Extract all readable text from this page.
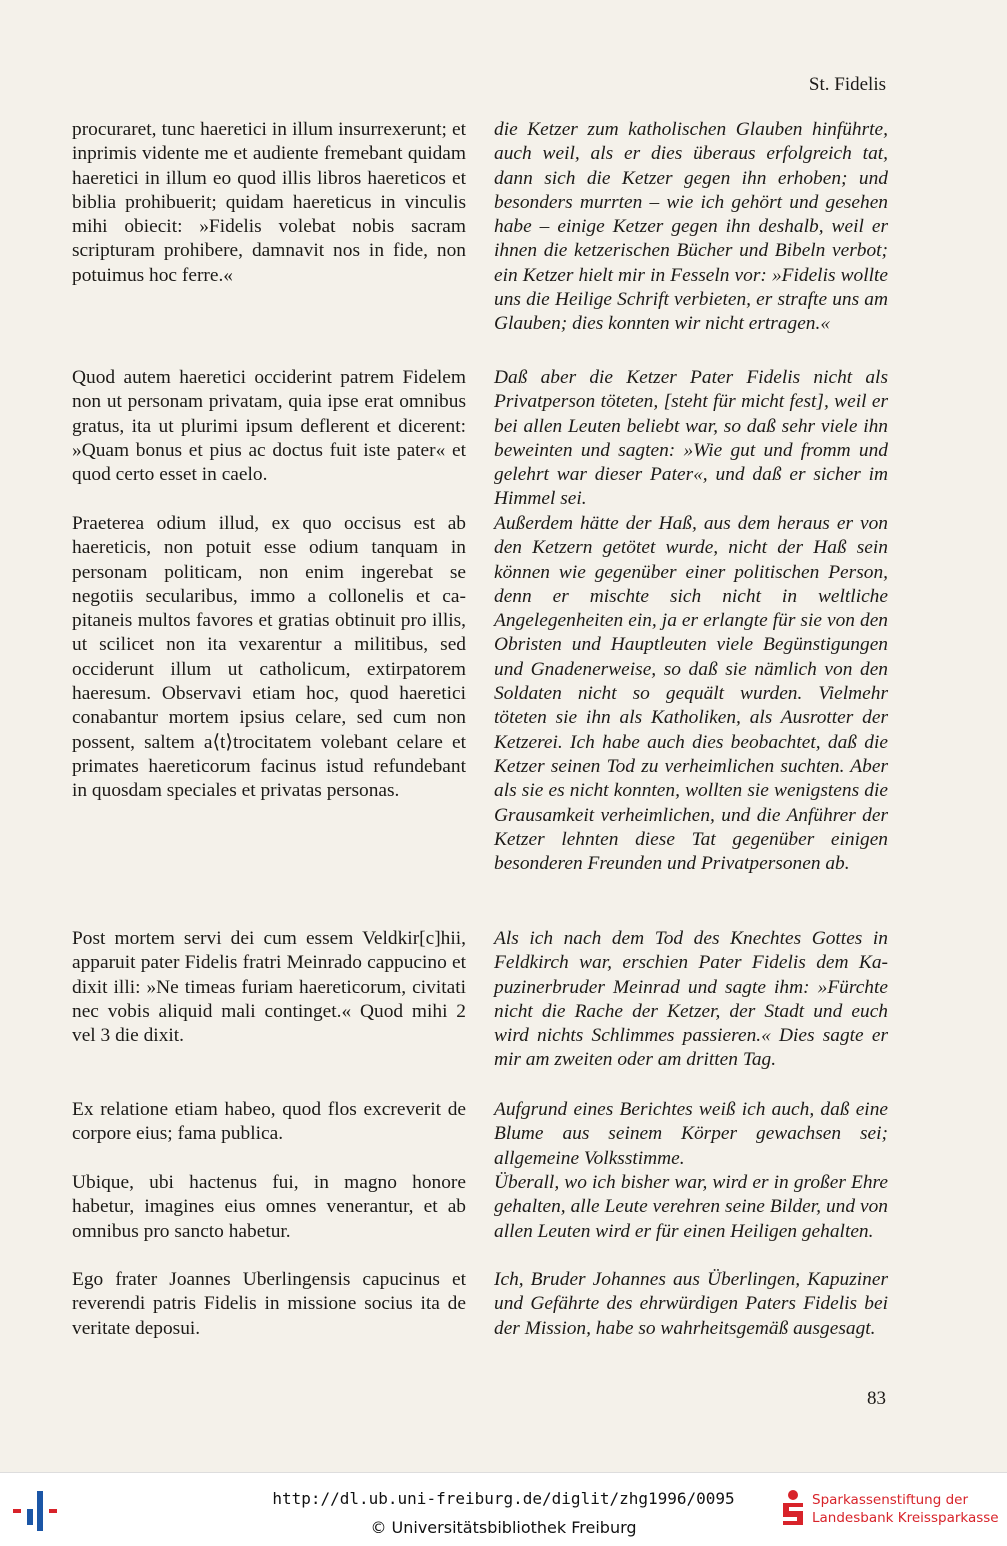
St. Fidelis
procuraret, tunc haeretici in illum insurrexerunt; et inprimis vidente me et audiente fremebant quidam haeretici in illum eo quod illis libros haereticos et biblia prohibuerit; quidam haereticus in vinculis mihi obiecit: »Fidelis volebat nobis sacram scripturam prohibere, damnavit nos in fide, non potuimus hoc ferre.«
die Ketzer zum katholischen Glauben hinführte, auch weil, als er dies überaus erfolgreich tat, dann sich die Ketzer gegen ihn erhoben; und besonders murrten – wie ich gehört und gesehen habe – einige Ketzer gegen ihn deshalb, weil er ihnen die ketzerischen Bücher und Bibeln verbot; ein Ketzer hielt mir in Fesseln vor: »Fidelis wollte uns die Heilige Schrift verbieten, er strafte uns am Glauben; dies konnten wir nicht ertragen.«
Quod autem haeretici occiderint patrem Fidelem non ut personam privatam, quia ipse erat omnibus gratus, ita ut plurimi ipsum deflerent et dicerent: »Quam bonus et pius ac doctus fuit iste pater« et quod certo esset in caelo.
Daß aber die Ketzer Pater Fidelis nicht als Privatperson töteten, [steht für micht fest], weil er bei allen Leuten beliebt war, so daß sehr viele ihn beweinten und sagten: »Wie gut und fromm und gelehrt war dieser Pater«, und daß er sicher im Himmel sei.
Praeterea odium illud, ex quo occisus est ab haereticis, non potuit esse odium tanquam in personam politicam, non enim ingerebat se negotiis secularibus, immo a collonelis et capitaneis multos favores et gratias obtinuit pro illis, ut scilicet non ita vexarentur a militibus, sed occiderunt illum ut catholicum, extirpatorem haeresum. Observavi etiam hoc, quod haeretici conabantur mortem ipsius celare, sed cum non possent, saltem a⟨t⟩trocitatem volebant celare et primates haereticorum facinus istud refundebant in quosdam speciales et privatas personas.
Außerdem hätte der Haß, aus dem heraus er von den Ketzern getötet wurde, nicht der Haß sein können wie gegenüber einer politischen Person, denn er mischte sich nicht in weltliche Angelegenheiten ein, ja er erlangte für sie von den Obristen und Hauptleuten viele Begünstigungen und Gnadenerweise, so daß sie nämlich von den Soldaten nicht so gequält wurden. Vielmehr töteten sie ihn als Katholiken, als Ausrotter der Ketzerei. Ich habe auch dies beobachtet, daß die Ketzer seinen Tod zu verheimlichen suchten. Aber als sie es nicht konnten, wollten sie wenigstens die Grausamkeit verheimlichen, und die Anführer der Ketzer lehnten diese Tat gegenüber einigen besonderen Freunden und Privatpersonen ab.
Post mortem servi dei cum essem Veldkir[c]hii, apparuit pater Fidelis fratri Meinrado cappucino et dixit illi: »Ne timeas furiam haereticorum, civitati nec vobis aliquid mali continget.« Quod mihi 2 vel 3 die dixit.
Als ich nach dem Tod des Knechtes Gottes in Feldkirch war, erschien Pater Fidelis dem Kapuzinerbruder Meinrad und sagte ihm: »Fürchte nicht die Rache der Ketzer, der Stadt und euch wird nichts Schlimmes passieren.« Dies sagte er mir am zweiten oder am dritten Tag.
Ex relatione etiam habeo, quod flos excreverit de corpore eius; fama publica.
Aufgrund eines Berichtes weiß ich auch, daß eine Blume aus seinem Körper gewachsen sei; allgemeine Volksstimme.
Ubique, ubi hactenus fui, in magno honore habetur, imagines eius omnes venerantur, et ab omnibus pro sancto habetur.
Überall, wo ich bisher war, wird er in großer Ehre gehalten, alle Leute verehren seine Bilder, und von allen Leuten wird er für einen Heiligen gehalten.
Ego frater Joannes Uberlingensis capucinus et reverendi patris Fidelis in missione socius ita de veritate deposui.
Ich, Bruder Johannes aus Überlingen, Kapuziner und Gefährte des ehrwürdigen Paters Fidelis bei der Mission, habe so wahrheitsgemäß ausgesagt.
83
http://dl.ub.uni-freiburg.de/diglit/zhg1996/0095
© Universitätsbibliothek Freiburg
Sparkassenstiftung der
Landesbank Kreissparkasse
